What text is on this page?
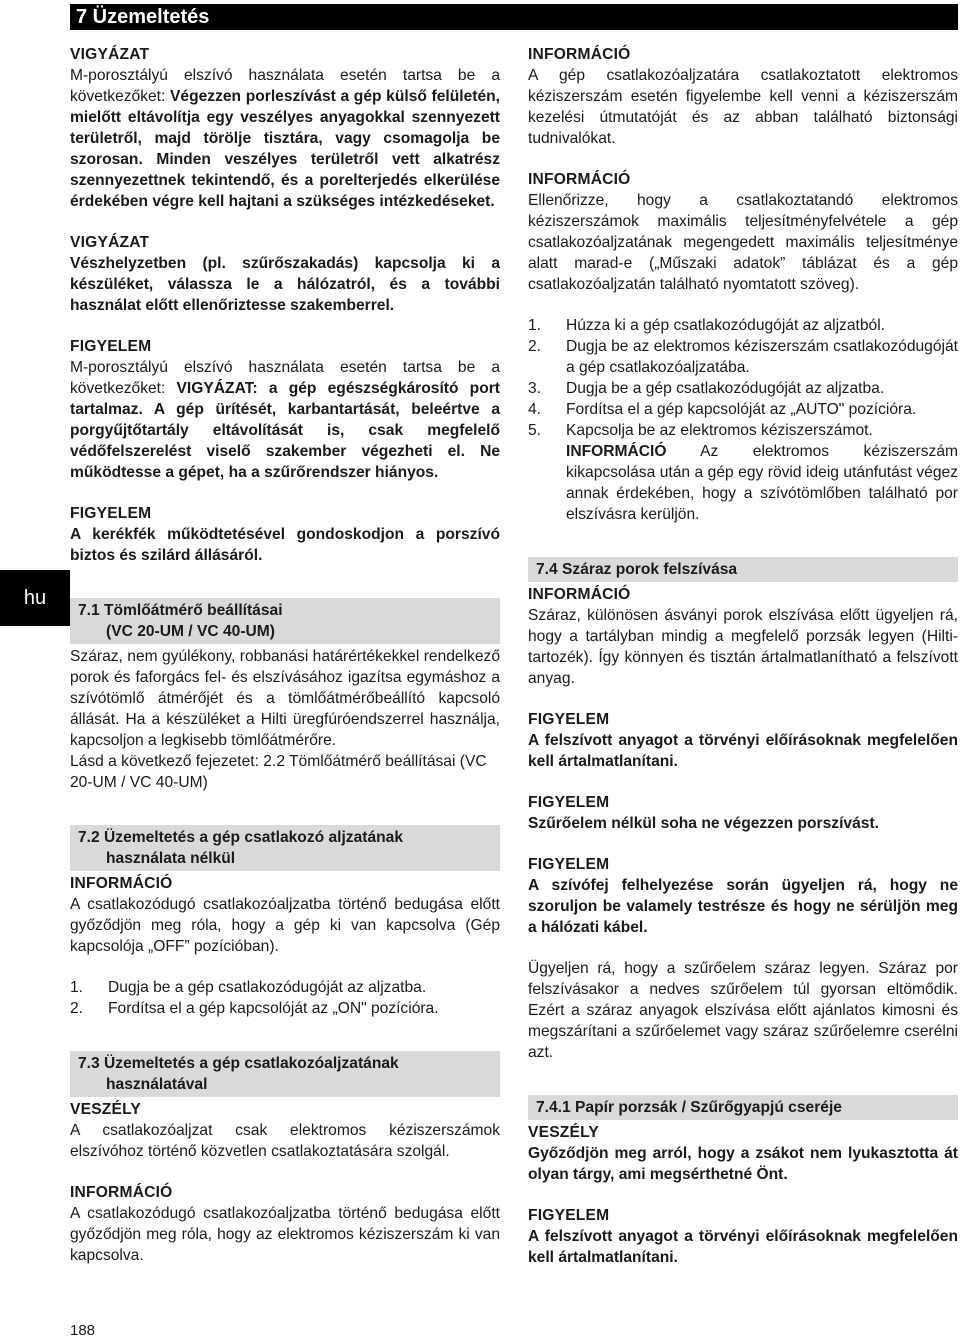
7 Üzemeltetés
hu
VIGYÁZAT

M-porosztályú elszívó használata esetén tartsa be a következőket: Végezzen porleszívást a gép külső felületén, mielőtt eltávolítja egy veszélyes anyagokkal szennyezett területről, majd törölje tisztára, vagy csomagolja be szorosan. Minden veszélyes területről vett alkatrész szennyezettnek tekintendő, és a porelterjedés elkerülése érdekében végre kell hajtani a szükséges intézkedéseket.

VIGYÁZAT

Vészhelyzetben (pl. szűrőszakadás) kapcsolja ki a készüléket, válassza le a hálózatról, és a további használat előtt ellenőriztesse szakemberrel.

FIGYELEM

M-porosztályú elszívó használata esetén tartsa be a következőket: VIGYÁZAT: a gép egészségkárosító port tartalmaz. A gép ürítését, karbantartását, beleértve a porgyűjtőtartály eltávolítását is, csak megfelelő védőfelszerelést viselő szakember végezheti el. Ne működtesse a gépet, ha a szűrőrendszer hiányos.

FIGYELEM

A kerékfék működtetésével gondoskodjon a porszívó biztos és szilárd állásáról.

7.1 Tömlőátmérő beállításai
(VC 20-UM / VC 40-UM)

Száraz, nem gyúlékony, robbanási határértékekkel rendelkező porok és faforgács fel- és elszívásához igazítsa egymáshoz a szívótömlő átmérőjét és a tömlőátmérőbeállító kapcsoló állását. Ha a készüléket a Hilti üregfúróendszerrel használja, kapcsoljon a legkisebb tömlőátmérőre.

Lásd a következő fejezetet: 2.2 Tömlőátmérő beállításai (VC 20-UM / VC 40-UM)

7.2 Üzemeltetés a gép csatlakozó aljzatának
használata nélkül
INFORMÁCIÓ

A csatlakozódugó csatlakozóaljzatba történő bedugása előtt győződjön meg róla, hogy a gép ki van kapcsolva (Gép kapcsolója „OFF” pozícióban).

1.	Dugja be a gép csatlakozódugóját az aljzatba.
2.	Fordítsa el a gép kapcsolóját az „ON" pozícióra.
7.3 Üzemeltetés a gép csatlakozóaljzatának
használatával
VESZÉLY

A csatlakozóaljzat csak elektromos kéziszerszámok elszívóhoz történő közvetlen csatlakoztatására szolgál.

INFORMÁCIÓ

A csatlakozódugó csatlakozóaljzatba történő bedugása előtt győződjön meg róla, hogy az elektromos kéziszerszám ki van kapcsolva.

INFORMÁCIÓ

A gép csatlakozóaljzatára csatlakoztatott elektromos kéziszerszám esetén figyelembe kell venni a kéziszerszám kezelési útmutatóját és az abban található biztonsági tudnivalókat.

INFORMÁCIÓ

Ellenőrizze, hogy a csatlakoztatandó elektromos kéziszerszámok maximális teljesítményfelvétele a gép csatlakozóaljzatának megengedett maximális teljesítménye alatt marad-e („Műszaki adatok” táblázat és a gép csatlakozóaljzatán található nyomtatott szöveg).

1.	Húzza ki a gép csatlakozódugóját az aljzatból.
2.	Dugja be az elektromos kéziszerszám csatlakozódugóját a gép csatlakozóaljzatába.
3.	Dugja be a gép csatlakozódugóját az aljzatba.
4.	Fordítsa el a gép kapcsolóját az „AUTO" pozícióra.
5.	Kapcsolja be az elektromos kéziszerszámot.
INFORMÁCIÓ Az elektromos kéziszerszám kikapcsolása után a gép egy rövid ideig utánfutást végez annak érdekében, hogy a szívótömlőben található por elszívásra kerüljön.
7.4 Száraz porok felszívása
INFORMÁCIÓ

Száraz, különösen ásványi porok elszívása előtt ügyeljen rá, hogy a tartályban mindig a megfelelő porzsák legyen (Hilti-tartozék). Így könnyen és tisztán ártalmatlanítható a felszívott anyag.

FIGYELEM

A felszívott anyagot a törvényi előírásoknak megfelelően kell ártalmatlanítani.

FIGYELEM

Szűrőelem nélkül soha ne végezzen porszívást.

FIGYELEM

A szívófej felhelyezése során ügyeljen rá, hogy ne szoruljon be valamely testrésze és hogy ne sérüljön meg a hálózati kábel.

Ügyeljen rá, hogy a szűrőelem száraz legyen. Száraz por felszívásakor a nedves szűrőelem túl gyorsan eltömődik. Ezért a száraz anyagok elszívása előtt ajánlatos kimosni és megszárítani a szűrőelemet vagy száraz szűrőelemre cserélni azt.

7.4.1 Papír porzsák / Szűrőgyapjú cseréje
VESZÉLY

Győződjön meg arról, hogy a zsákot nem lyukasztotta át olyan tárgy, ami megsérthetné Önt.

FIGYELEM

A felszívott anyagot a törvényi előírásoknak megfelelően kell ártalmatlanítani.

188
